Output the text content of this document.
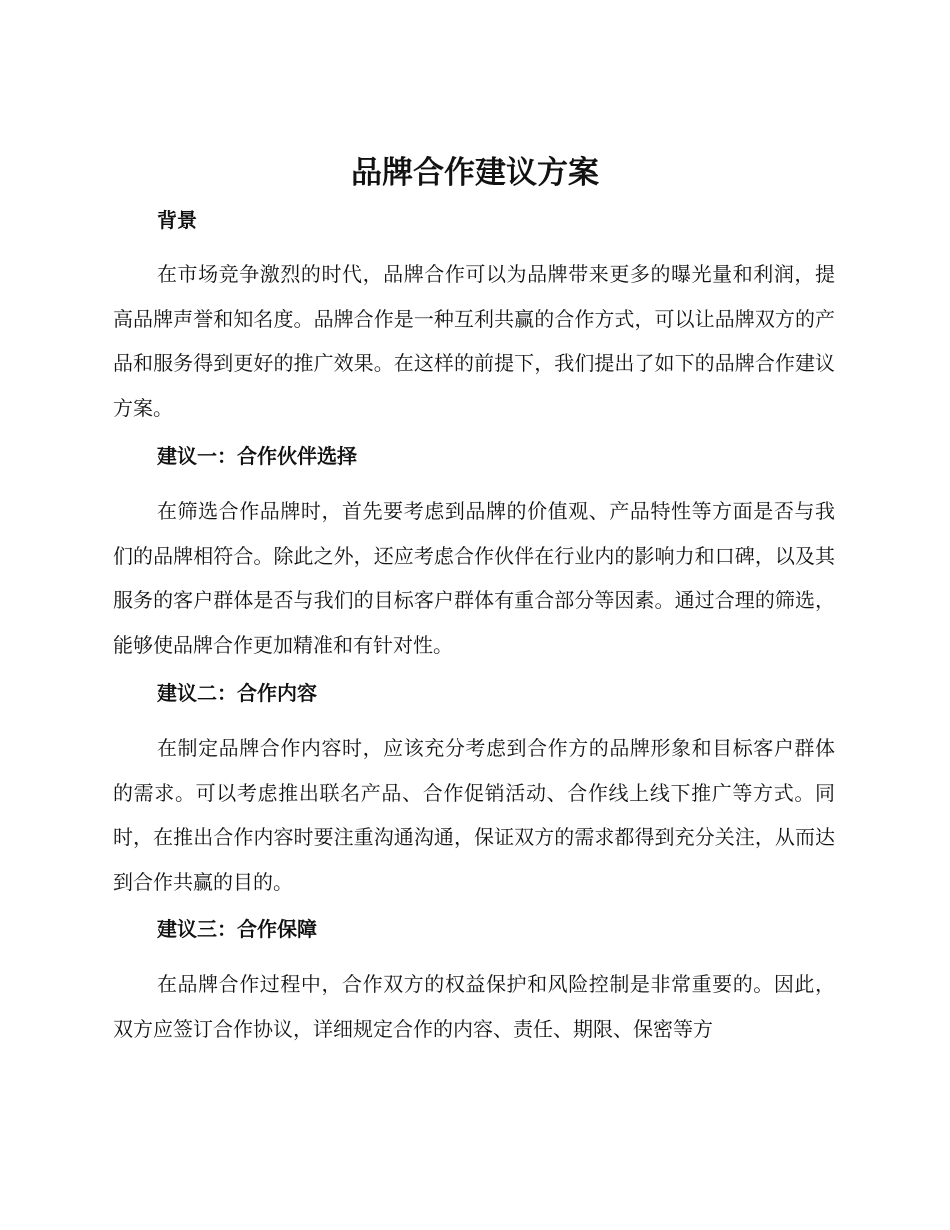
品牌合作建议方案
背景

在市场竞争激烈的时代，品牌合作可以为品牌带来更多的曝光量和利润，提高品牌声誉和知名度。品牌合作是一种互利共赢的合作方式，可以让品牌双方的产品和服务得到更好的推广效果。在这样的前提下，我们提出了如下的品牌合作建议方案。

建议一：合作伙伴选择

在筛选合作品牌时，首先要考虑到品牌的价值观、产品特性等方面是否与我们的品牌相符合。除此之外，还应考虑合作伙伴在行业内的影响力和口碑，以及其服务的客户群体是否与我们的目标客户群体有重合部分等因素。通过合理的筛选，能够使品牌合作更加精准和有针对性。

建议二：合作内容

在制定品牌合作内容时，应该充分考虑到合作方的品牌形象和目标客户群体的需求。可以考虑推出联名产品、合作促销活动、合作线上线下推广等方式。同时，在推出合作内容时要注重沟通沟通，保证双方的需求都得到充分关注，从而达到合作共赢的目的。

建议三：合作保障

在品牌合作过程中，合作双方的权益保护和风险控制是非常重要的。因此，双方应签订合作协议，详细规定合作的内容、责任、期限、保密等方
